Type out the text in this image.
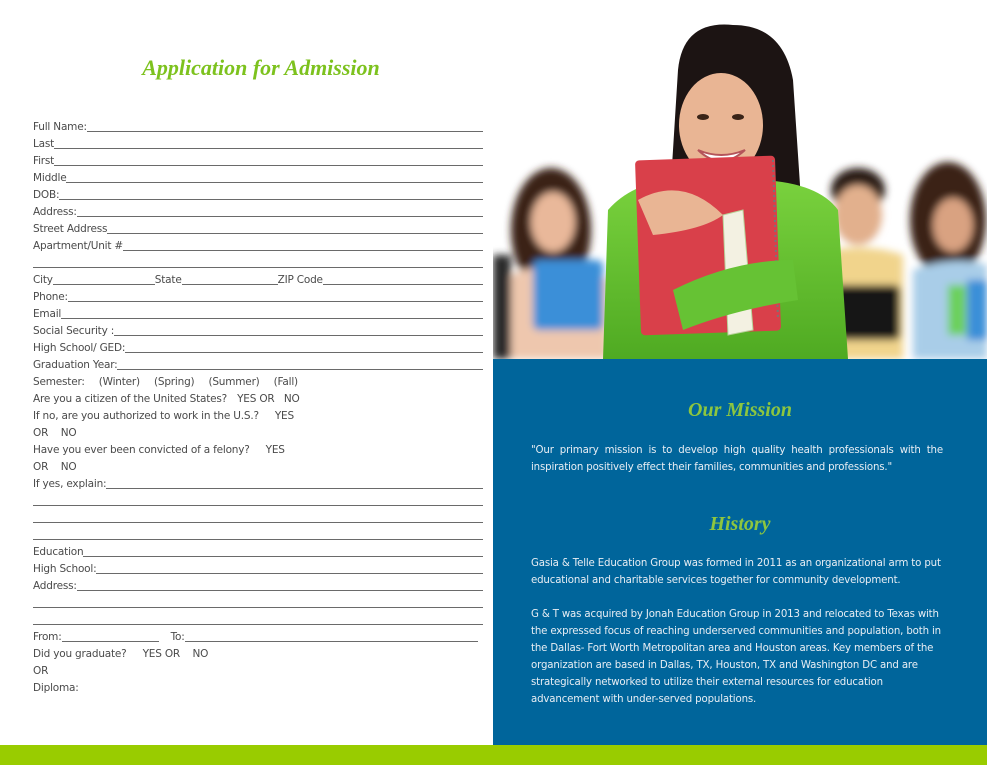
Application for Admission
Full Name:
Last
First
Middle
DOB:
Address:
Street Address
Apartment/Unit #
City	State	ZIP Code
Phone:
Email
Social Security :
High School/ GED:
Graduation Year:
Semester: (Winter) (Spring) (Summer) (Fall)
Are you a citizen of the United States? YES OR   NO
If no, are you authorized to work in the U.S.? YES
OR    NO
Have you ever been convicted of a felony? YES
OR    NO
If yes, explain:
Education
High School:
Address:
From:	To:
Did you graduate? YES OR    NO
OR
Diploma:
Our Mission
"Our primary mission is to develop high quality health professionals with the inspiration positively effect their families, communities and professions."
History
Gasia & Telle Education Group was formed in 2011 as an organizational arm to put educational and charitable services together for community development.
G & T was acquired by Jonah Education Group in 2013 and relocated to Texas with the expressed focus of reaching underserved communities and population, both in the Dallas- Fort Worth Metropolitan area and Houston areas. Key members of the organization are based in Dallas, TX, Houston, TX and Washington DC and are strategically networked to utilize their external resources for education advancement with under-served populations.
